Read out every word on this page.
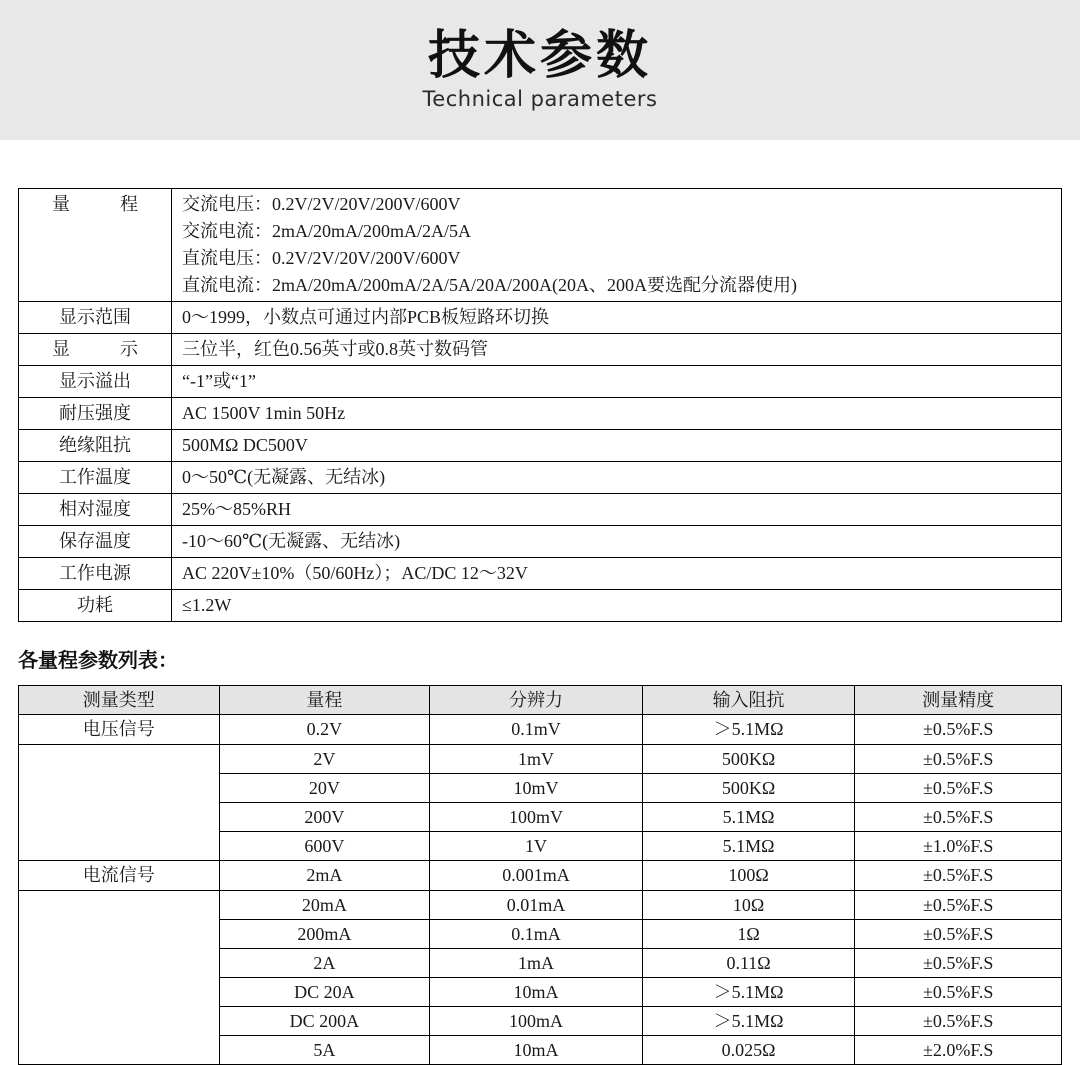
技术参数
Technical parameters
量程	交流电压：0.2V/2V/20V/200V/600V
交流电流：2mA/20mA/200mA/2A/5A
直流电压：0.2V/2V/20V/200V/600V
直流电流：2mA/20mA/200mA/2A/5A/20A/200A(20A、200A要选配分流器使用)

显示范围	0～1999，小数点可通过内部PCB板短路环切换

显示	三位半，红色0.56英寸或0.8英寸数码管

显示溢出	“-1”或“1”

耐压强度	AC 1500V 1min 50Hz

绝缘阻抗	500MΩ DC500V

工作温度	0～50℃(无凝露、无结冰)

相对湿度	25%～85%RH

保存温度	-10～60℃(无凝露、无结冰)

工作电源	AC 220V±10%（50/60Hz）；AC/DC 12～32V

功耗	≤1.2W
各量程参数列表：
测量类型	量程	分辨力	输入阻抗	测量精度
电压信号	0.2V	0.1mV	＞5.1MΩ	±0.5%F.S
	2V	1mV	500KΩ	±0.5%F.S
	20V	10mV	500KΩ	±0.5%F.S
	200V	100mV	5.1MΩ	±0.5%F.S
	600V	1V	5.1MΩ	±1.0%F.S
电流信号	2mA	0.001mA	100Ω	±0.5%F.S
	20mA	0.01mA	10Ω	±0.5%F.S
	200mA	0.1mA	1Ω	±0.5%F.S
	2A	1mA	0.11Ω	±0.5%F.S
	DC 20A	10mA	＞5.1MΩ	±0.5%F.S
	DC 200A	100mA	＞5.1MΩ	±0.5%F.S
	5A	10mA	0.025Ω	±2.0%F.S
